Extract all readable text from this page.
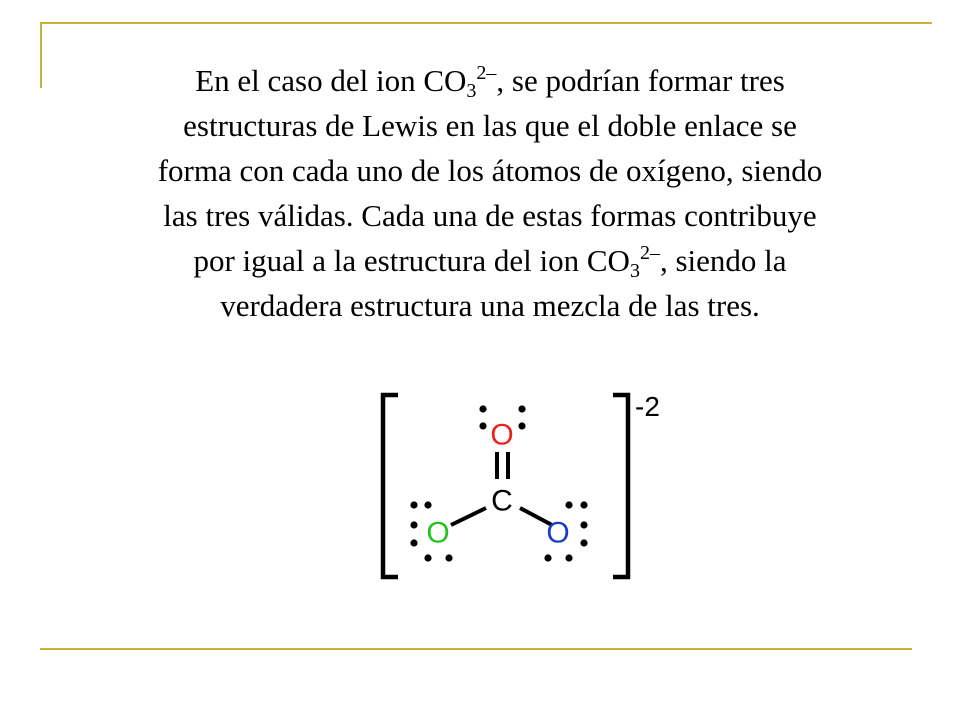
En el caso del ion $CO_3^{2-}$, se podrían formar tres
estructuras de Lewis en las que el doble enlace se
forma con cada uno de los átomos de oxígeno, siendo
las tres válidas. Cada una de estas formas contribuye
por igual a la estructura del ion $CO_3^{2-}$, siendo la
verdadera estructura una mezcla de las tres.
-2
O
C
O	O
